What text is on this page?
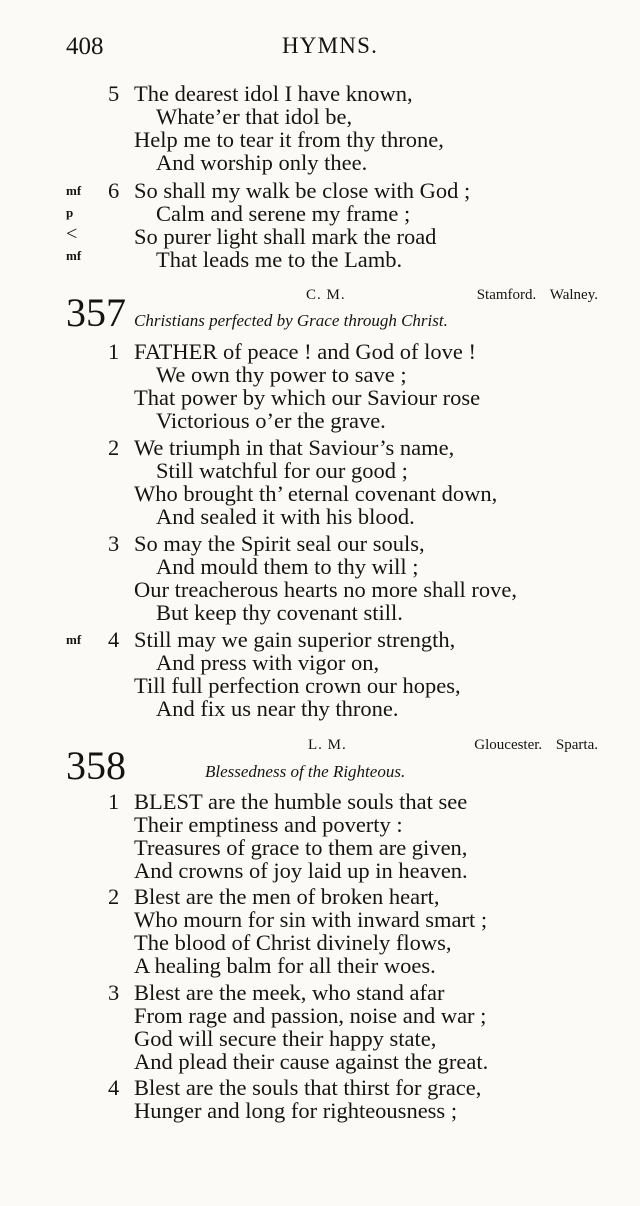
408	HYMNS.
5 The dearest idol I have known,
Whate’er that idol be,
Help me to tear it from thy throne,
And worship only thee.
mf 6 So shall my walk be close with God ;
p	Calm and serene my frame ;
<	So purer light shall mark the road
mf	That leads me to the Lamb.
357	C. M.	Stamford. Walney.
Christians perfected by Grace through Christ.
1 FATHER of peace ! and God of love !
We own thy power to save ;
That power by which our Saviour rose
Victorious o’er the grave.
2 We triumph in that Saviour’s name,
Still watchful for our good ;
Who brought th’ eternal covenant down,
And sealed it with his blood.
3 So may the Spirit seal our souls,
And mould them to thy will ;
Our treacherous hearts no more shall rove,
But keep thy covenant still.
mf 4 Still may we gain superior strength,
And press with vigor on,
Till full perfection crown our hopes,
And fix us near thy throne.
358	L. M.	Gloucester. Sparta.
Blessedness of the Righteous.
1 BLEST are the humble souls that see
Their emptiness and poverty :
Treasures of grace to them are given,
And crowns of joy laid up in heaven.
2 Blest are the men of broken heart,
Who mourn for sin with inward smart ;
The blood of Christ divinely flows,
A healing balm for all their woes.
3 Blest are the meek, who stand afar
From rage and passion, noise and war ;
God will secure their happy state,
And plead their cause against the great.
4 Blest are the souls that thirst for grace,
Hunger and long for righteousness ;
